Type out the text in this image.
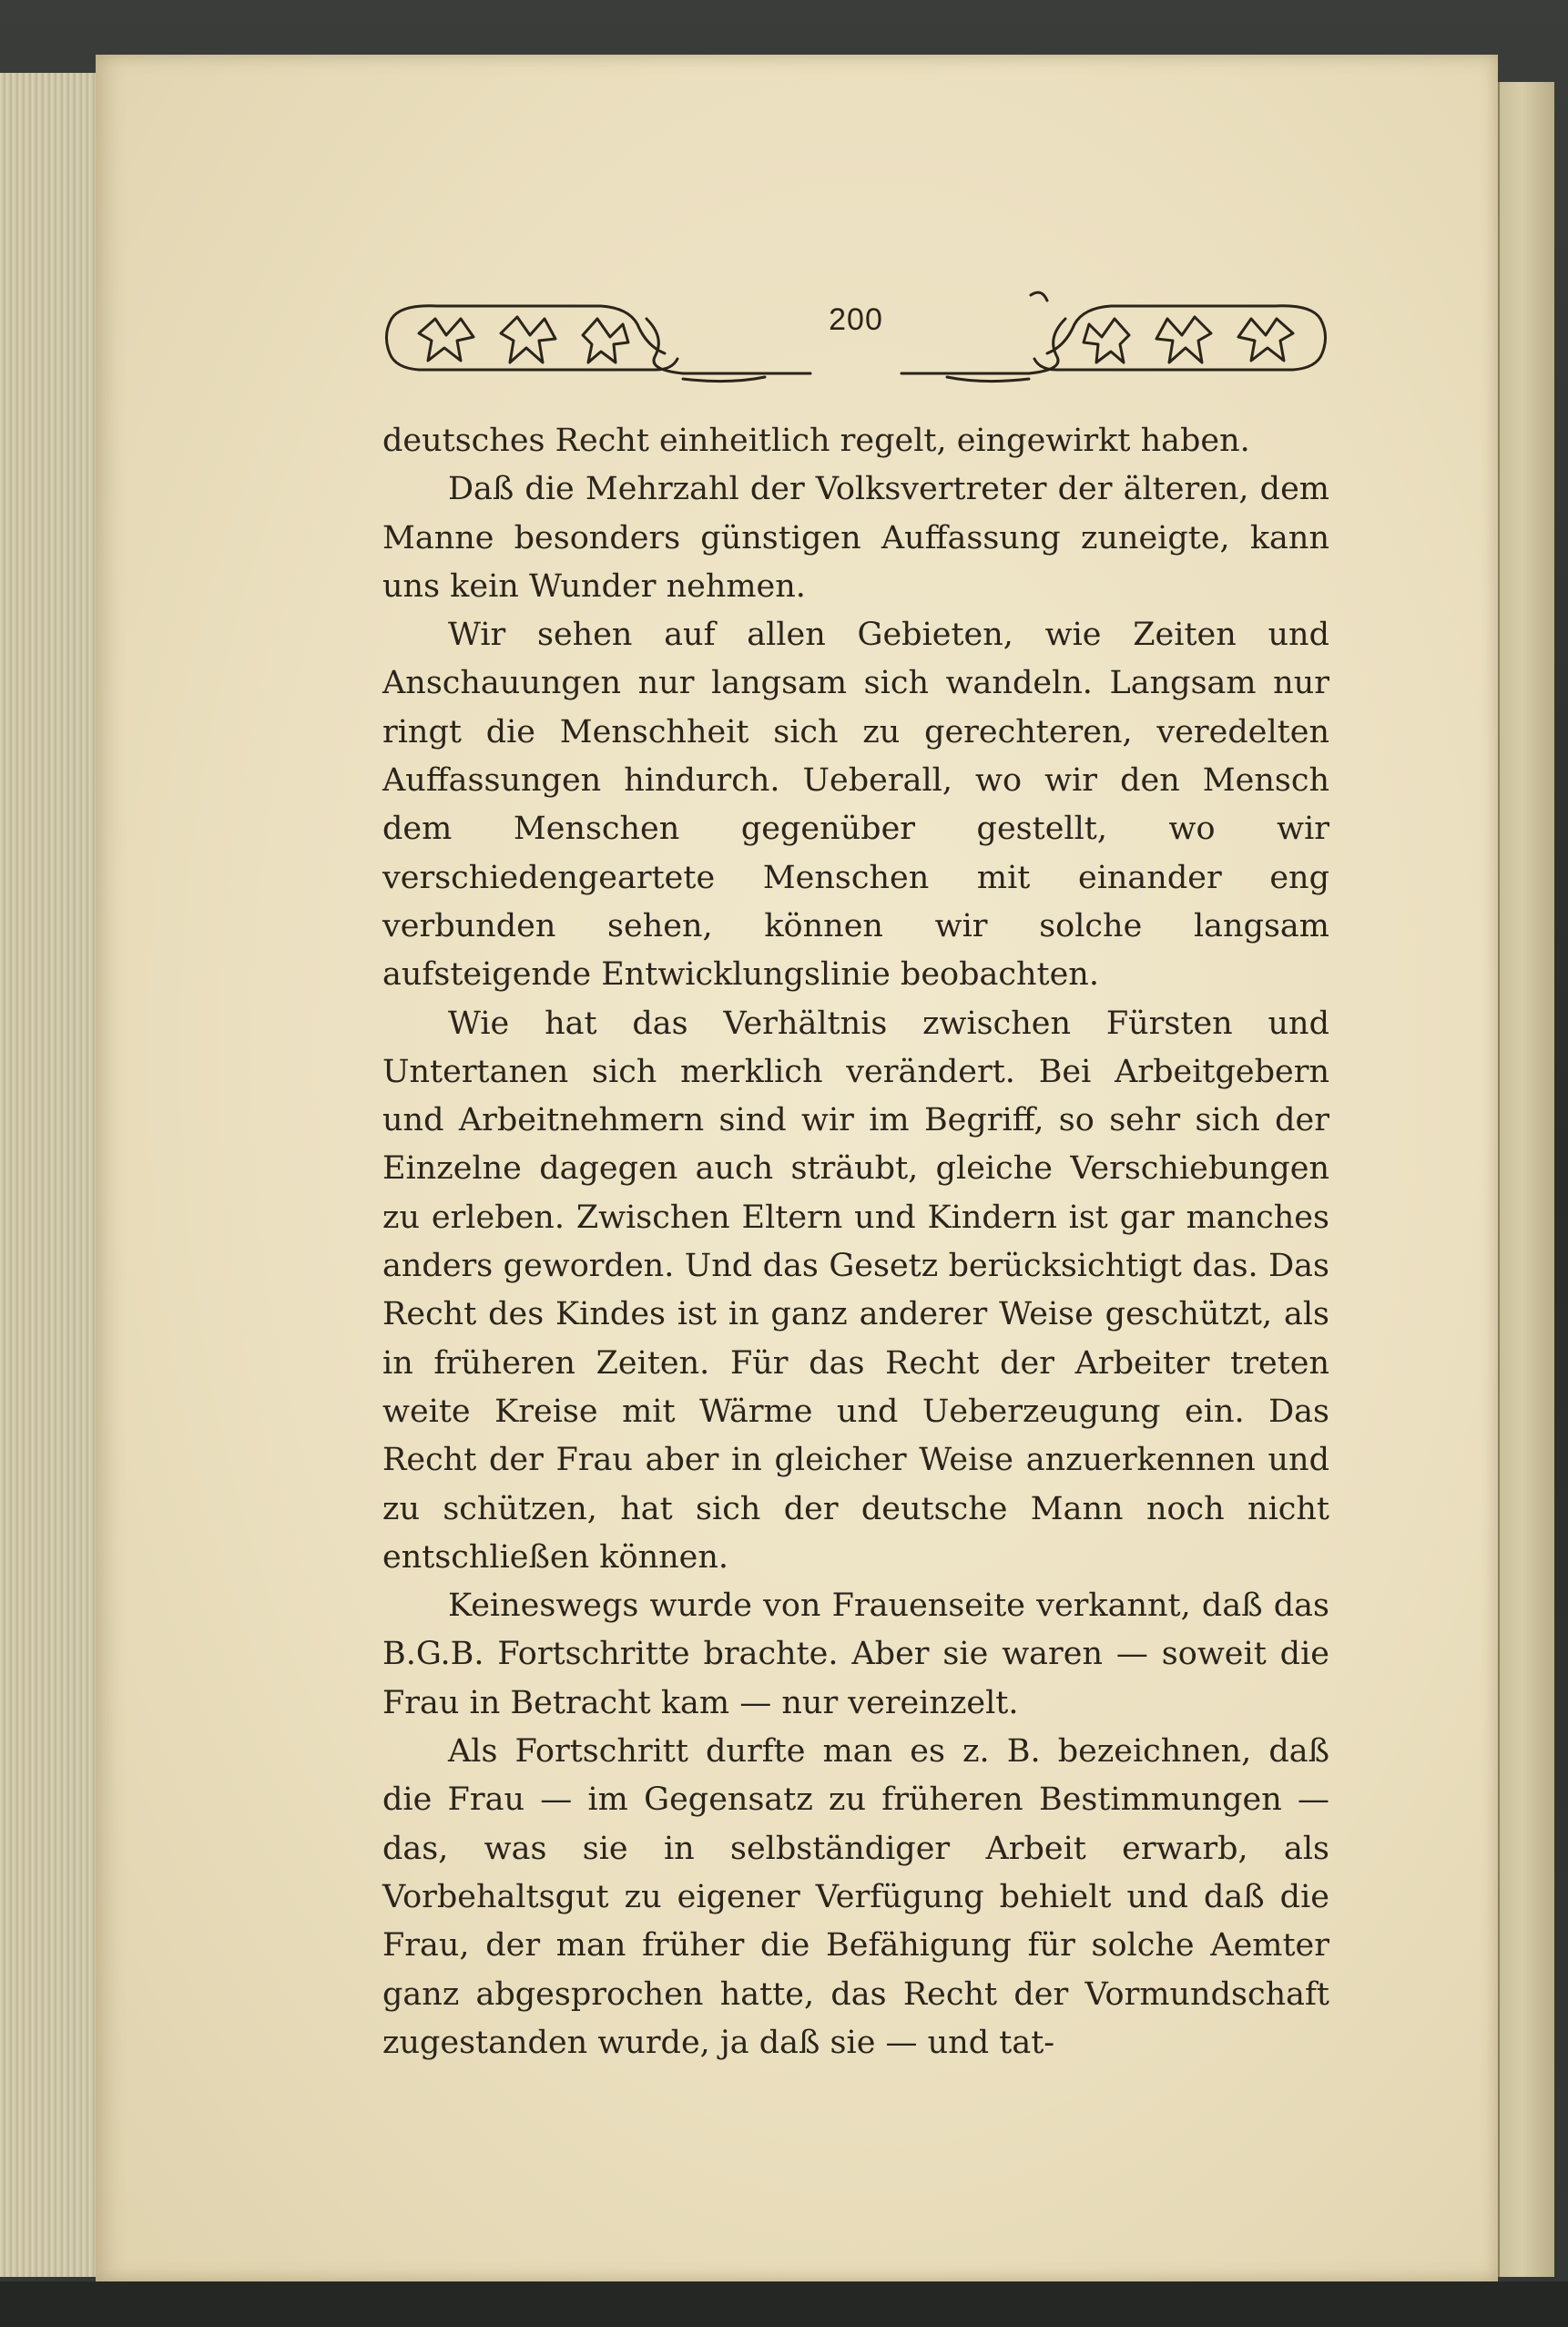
200

deutsches Recht einheitlich regelt, eingewirkt haben.

Daß die Mehrzahl der Volksvertreter der älteren, dem Manne besonders günstigen Auffassung zuneigte, kann uns kein Wunder nehmen.

Wir sehen auf allen Gebieten, wie Zeiten und Anschauungen nur langsam sich wandeln. Langsam nur ringt die Menschheit sich zu gerechteren, veredelten Auffassungen hindurch. Ueberall, wo wir den Mensch dem Menschen gegenüber gestellt, wo wir verschiedengeartete Menschen mit einander eng verbunden sehen, können wir solche langsam aufsteigende Entwicklungslinie beobachten.

Wie hat das Verhältnis zwischen Fürsten und Untertanen sich merklich verändert. Bei Arbeitgebern und Arbeitnehmern sind wir im Begriff, so sehr sich der Einzelne dagegen auch sträubt, gleiche Verschiebungen zu erleben. Zwischen Eltern und Kindern ist gar manches anders geworden. Und das Gesetz berücksichtigt das. Das Recht des Kindes ist in ganz anderer Weise geschützt, als in früheren Zeiten. Für das Recht der Arbeiter treten weite Kreise mit Wärme und Ueberzeugung ein. Das Recht der Frau aber in gleicher Weise anzuerkennen und zu schützen, hat sich der deutsche Mann noch nicht entschließen können.

Keineswegs wurde von Frauenseite verkannt, daß das B.G.B. Fortschritte brachte. Aber sie waren — soweit die Frau in Betracht kam — nur vereinzelt.

Als Fortschritt durfte man es z. B. bezeichnen, daß die Frau — im Gegensatz zu früheren Bestimmungen — das, was sie in selbständiger Arbeit erwarb, als Vorbehaltsgut zu eigener Verfügung behielt und daß die Frau, der man früher die Befähigung für solche Aemter ganz abgesprochen hatte, das Recht der Vormundschaft zugestanden wurde, ja daß sie — und tat-
